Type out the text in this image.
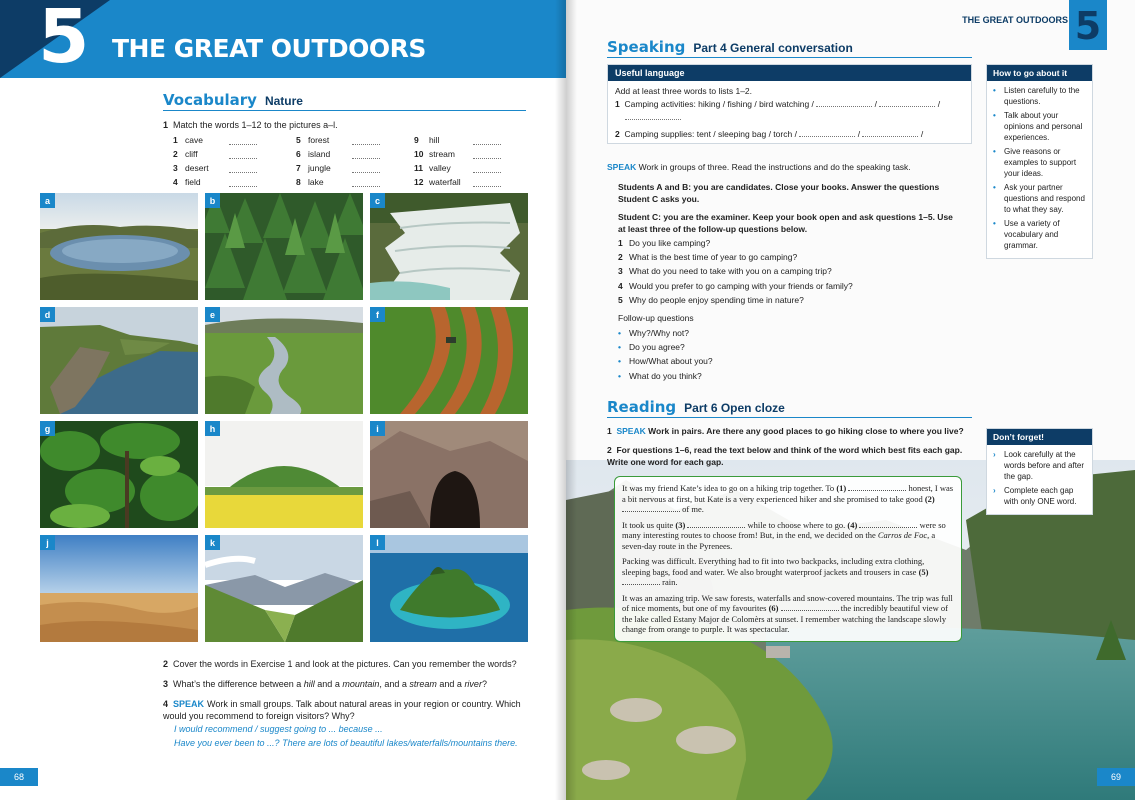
5 THE GREAT OUTDOORS
Vocabulary Nature
1 Match the words 1–12 to the pictures a–l.
1 cave	5 forest	9	hill
2 cliff	6 island	10 stream
3 desert	7 jungle	11 valley
4 field	8 lake	12 waterfall
a	b	c
d	e	f
g	h	i
j	k	l
2 Cover the words in Exercise 1 and look at the pictures. Can you remember the words?
3 What’s the difference between a hill and a mountain, and a stream and a river?
4 SPEAK Work in small groups. Talk about natural areas in your region or country. Which would you recommend to foreign visitors? Why?
I would recommend / suggest going to ... because ...
Have you ever been to ...? There are lots of beautiful lakes/waterfalls/mountains there.
68
THE GREAT OUTDOORS 5
Speaking Part 4 General conversation
Useful language
Add at least three words to lists 1–2.
1 Camping activities: hiking / fishing / bird watching /	/	/
2 Camping supplies: tent / sleeping bag / torch /	/	/
How to go about it
• Listen carefully to the questions.
• Talk about your opinions and personal experiences.
• Give reasons or examples to support your ideas.
• Ask your partner questions and respond to what they say.
• Use a variety of vocabulary and grammar.
SPEAK Work in groups of three. Read the instructions and do the speaking task.
Students A and B: you are candidates. Close your books. Answer the questions Student C asks you.
Student C: you are the examiner. Keep your book open and ask questions 1–5. Use at least three of the follow-up questions below.
1 Do you like camping?
2 What is the best time of year to go camping?
3 What do you need to take with you on a camping trip?
4 Would you prefer to go camping with your friends or family?
5 Why do people enjoy spending time in nature?
Follow-up questions
• Why?/Why not?
• Do you agree?
• How/What about you?
• What do you think?
Reading Part 6 Open cloze
1 SPEAK Work in pairs. Are there any good places to go hiking close to where you live?
2 For questions 1–6, read the text below and think of the word which best fits each gap. Write one word for each gap.
Don’t forget!
› Look carefully at the words before and after the gap.
› Complete each gap with only ONE word.

It was my friend Kate’s idea to go on a hiking trip together. To (1)	honest, I was a bit nervous at first, but Kate is a very experienced hiker and she promised to take good (2)  of me.

It took us quite (3)	while to choose where to go. (4)	were so many interesting routes to choose from! But, in the end, we decided on the Carros de Foc, a seven-day route in the Pyrenees.

Packing was difficult. Everything had to fit into two backpacks, including extra clothing, sleeping bags, food and water. We also brought waterproof jackets and trousers in case (5)  rain.

It was an amazing trip. We saw forests, waterfalls and snow-covered mountains. The trip was full of nice moments, but one of my favourites (6)	the incredibly beautiful view of the lake called Estany Major de Colomèrs at sunset. I remember watching the landscape slowly change from orange to purple. It was spectacular.

69
